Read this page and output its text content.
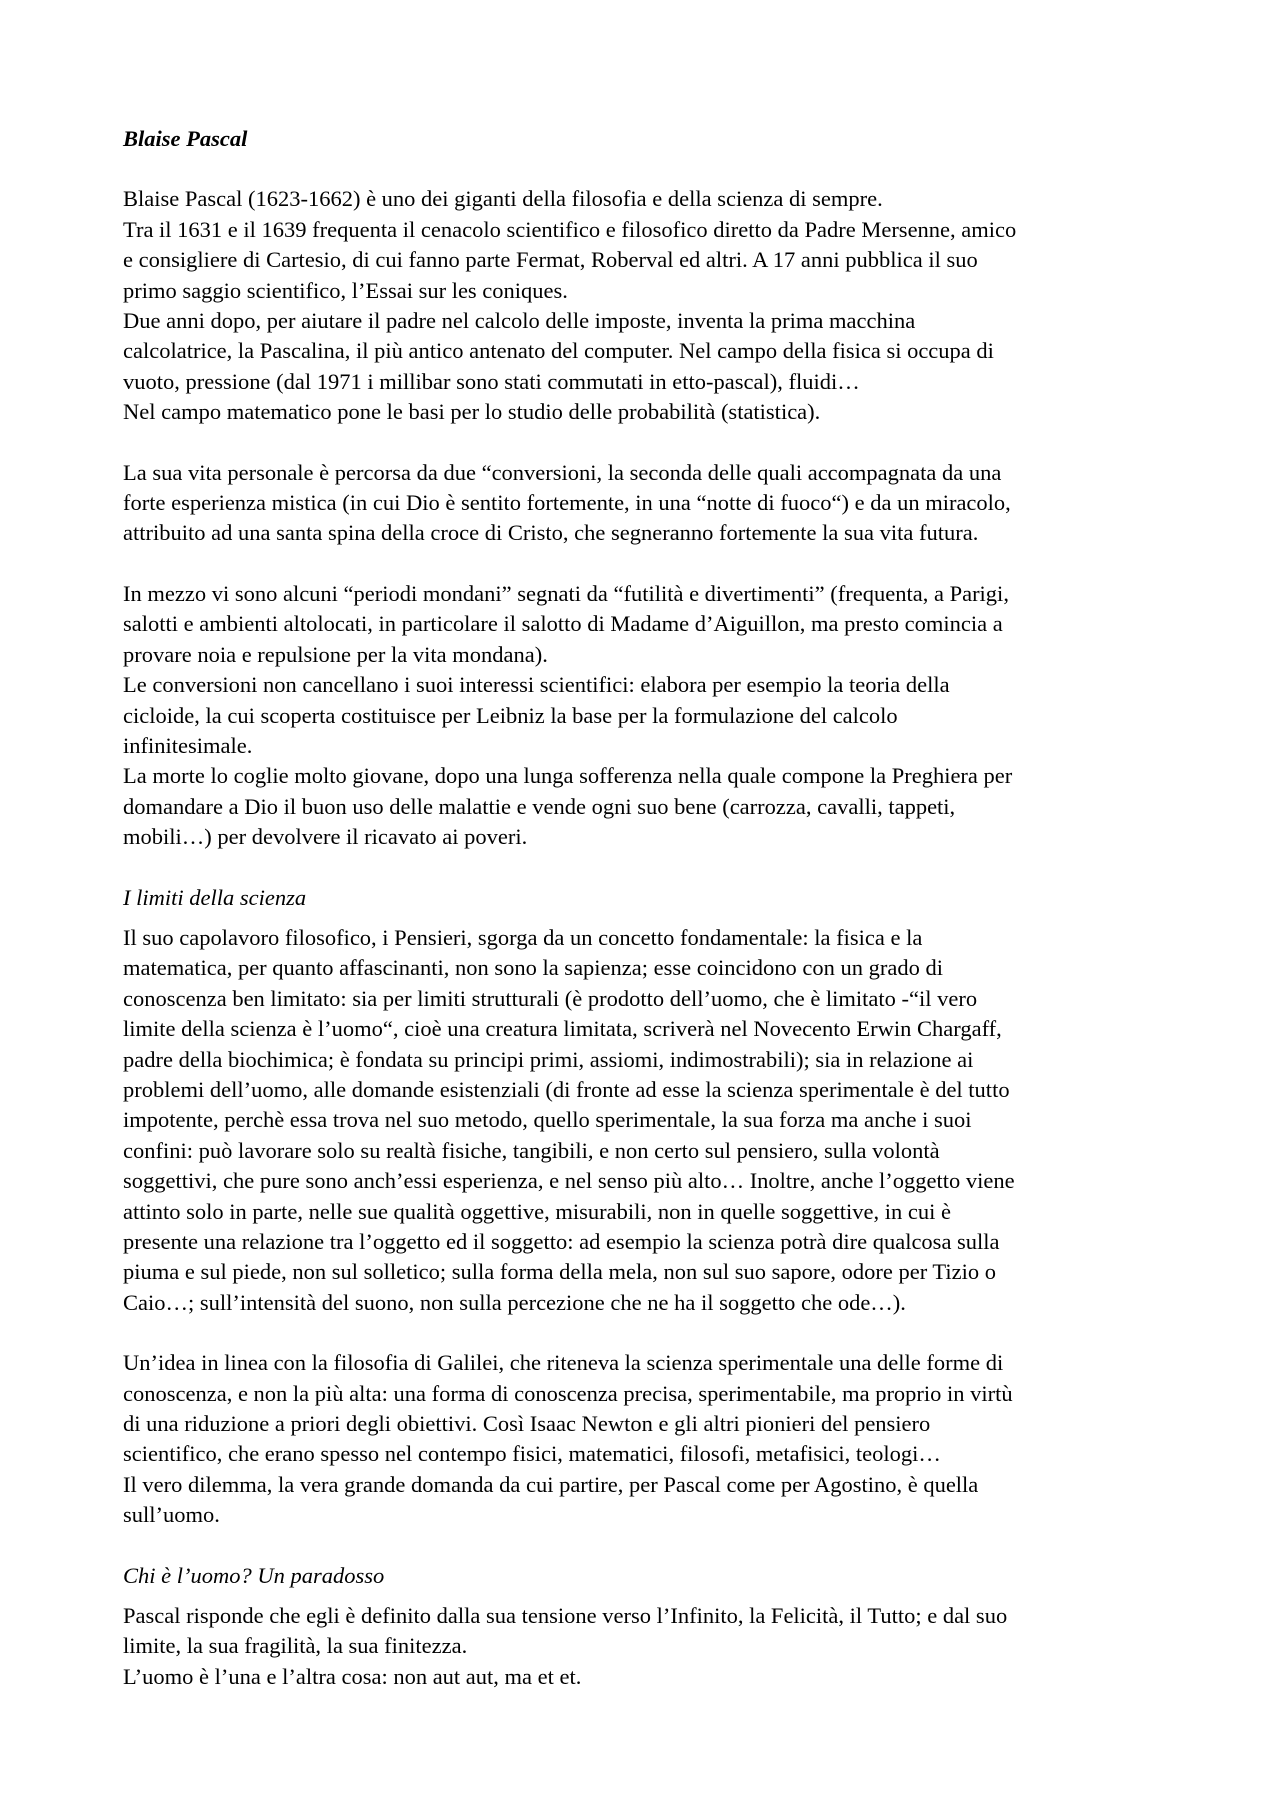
Blaise Pascal

Blaise Pascal (1623-1662) è uno dei giganti della filosofia e della scienza di sempre.
Tra il 1631 e il 1639 frequenta il cenacolo scientifico e filosofico diretto da Padre Mersenne, amico
e consigliere di Cartesio, di cui fanno parte Fermat, Roberval ed altri. A 17 anni pubblica il suo
primo saggio scientifico, l’Essai sur les coniques.
Due anni dopo, per aiutare il padre nel calcolo delle imposte, inventa la prima macchina
calcolatrice, la Pascalina, il più antico antenato del computer. Nel campo della fisica si occupa di
vuoto, pressione (dal 1971 i millibar sono stati commutati in etto-pascal), fluidi…
Nel campo matematico pone le basi per lo studio delle probabilità (statistica).

La sua vita personale è percorsa da due “conversioni, la seconda delle quali accompagnata da una
forte esperienza mistica (in cui Dio è sentito fortemente, in una “notte di fuoco“) e da un miracolo,
attribuito ad una santa spina della croce di Cristo, che segneranno fortemente la sua vita futura.

In mezzo vi sono alcuni “periodi mondani” segnati da “futilità e divertimenti” (frequenta, a Parigi,
salotti e ambienti altolocati, in particolare il salotto di Madame d’Aiguillon, ma presto comincia a
provare noia e repulsione per la vita mondana).
Le conversioni non cancellano i suoi interessi scientifici: elabora per esempio la teoria della
cicloide, la cui scoperta costituisce per Leibniz la base per la formulazione del calcolo
infinitesimale.
La morte lo coglie molto giovane, dopo una lunga sofferenza nella quale compone la Preghiera per
domandare a Dio il buon uso delle malattie e vende ogni suo bene (carrozza, cavalli, tappeti,
mobili…) per devolvere il ricavato ai poveri.

I limiti della scienza

Il suo capolavoro filosofico, i Pensieri, sgorga da un concetto fondamentale: la fisica e la
matematica, per quanto affascinanti, non sono la sapienza; esse coincidono con un grado di
conoscenza ben limitato: sia per limiti strutturali (è prodotto dell’uomo, che è limitato -“il vero
limite della scienza è l’uomo“, cioè una creatura limitata, scriverà nel Novecento Erwin Chargaff,
padre della biochimica; è fondata su principi primi, assiomi, indimostrabili); sia in relazione ai
problemi dell’uomo, alle domande esistenziali (di fronte ad esse la scienza sperimentale è del tutto
impotente, perchè essa trova nel suo metodo, quello sperimentale, la sua forza ma anche i suoi
confini: può lavorare solo su realtà fisiche, tangibili, e non certo sul pensiero, sulla volontà
soggettivi, che pure sono anch’essi esperienza, e nel senso più alto… Inoltre, anche l’oggetto viene
attinto solo in parte, nelle sue qualità oggettive, misurabili, non in quelle soggettive, in cui è
presente una relazione tra l’oggetto ed il soggetto: ad esempio la scienza potrà dire qualcosa sulla
piuma e sul piede, non sul solletico; sulla forma della mela, non sul suo sapore, odore per Tizio o
Caio…; sull’intensità del suono, non sulla percezione che ne ha il soggetto che ode…).

Un’idea in linea con la filosofia di Galilei, che riteneva la scienza sperimentale una delle forme di
conoscenza, e non la più alta: una forma di conoscenza precisa, sperimentabile, ma proprio in virtù
di una riduzione a priori degli obiettivi. Così Isaac Newton e gli altri pionieri del pensiero
scientifico, che erano spesso nel contempo fisici, matematici, filosofi, metafisici, teologi…
Il vero dilemma, la vera grande domanda da cui partire, per Pascal come per Agostino, è quella
sull’uomo.

Chi è l’uomo? Un paradosso

Pascal risponde che egli è definito dalla sua tensione verso l’Infinito, la Felicità, il Tutto; e dal suo
limite, la sua fragilità, la sua finitezza.
L’uomo è l’una e l’altra cosa: non aut aut, ma et et.
